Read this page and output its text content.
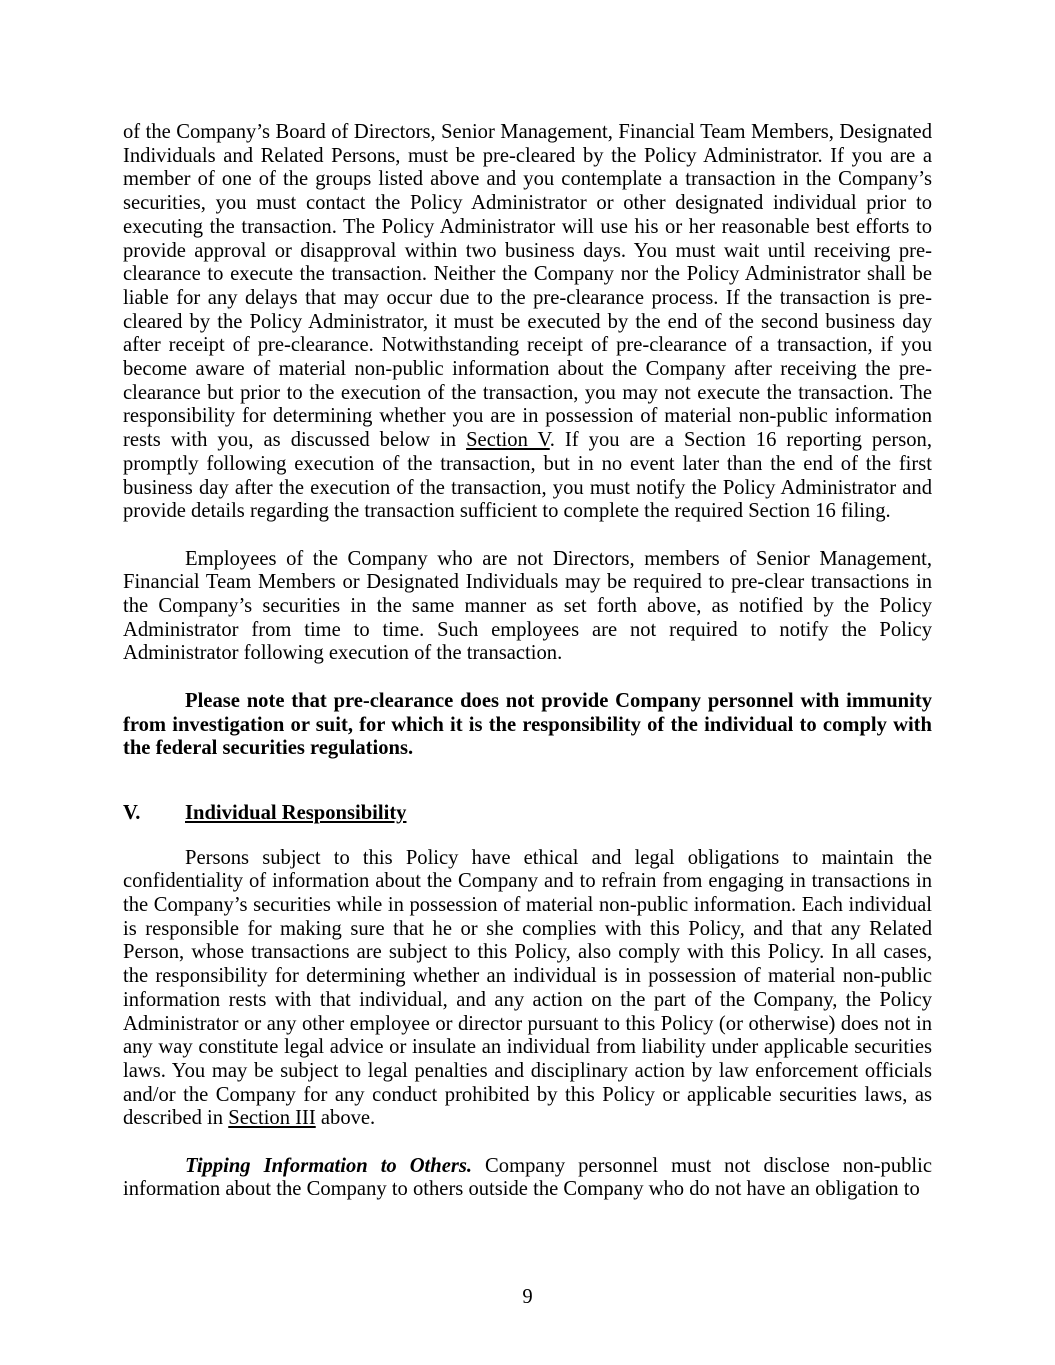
of the Company’s Board of Directors, Senior Management, Financial Team Members, Designated Individuals and Related Persons, must be pre-cleared by the Policy Administrator. If you are a member of one of the groups listed above and you contemplate a transaction in the Company’s securities, you must contact the Policy Administrator or other designated individual prior to executing the transaction. The Policy Administrator will use his or her reasonable best efforts to provide approval or disapproval within two business days. You must wait until receiving pre-clearance to execute the transaction. Neither the Company nor the Policy Administrator shall be liable for any delays that may occur due to the pre-clearance process. If the transaction is pre-cleared by the Policy Administrator, it must be executed by the end of the second business day after receipt of pre-clearance. Notwithstanding receipt of pre-clearance of a transaction, if you become aware of material non-public information about the Company after receiving the pre-clearance but prior to the execution of the transaction, you may not execute the transaction. The responsibility for determining whether you are in possession of material non-public information rests with you, as discussed below in Section V. If you are a Section 16 reporting person, promptly following execution of the transaction, but in no event later than the end of the first business day after the execution of the transaction, you must notify the Policy Administrator and provide details regarding the transaction sufficient to complete the required Section 16 filing.

Employees of the Company who are not Directors, members of Senior Management, Financial Team Members or Designated Individuals may be required to pre-clear transactions in the Company’s securities in the same manner as set forth above, as notified by the Policy Administrator from time to time. Such employees are not required to notify the Policy Administrator following execution of the transaction.

Please note that pre-clearance does not provide Company personnel with immunity from investigation or suit, for which it is the responsibility of the individual to comply with the federal securities regulations.

V. Individual Responsibility

Persons subject to this Policy have ethical and legal obligations to maintain the confidentiality of information about the Company and to refrain from engaging in transactions in the Company’s securities while in possession of material non-public information. Each individual is responsible for making sure that he or she complies with this Policy, and that any Related Person, whose transactions are subject to this Policy, also comply with this Policy. In all cases, the responsibility for determining whether an individual is in possession of material non-public information rests with that individual, and any action on the part of the Company, the Policy Administrator or any other employee or director pursuant to this Policy (or otherwise) does not in any way constitute legal advice or insulate an individual from liability under applicable securities laws. You may be subject to legal penalties and disciplinary action by law enforcement officials and/or the Company for any conduct prohibited by this Policy or applicable securities laws, as described in Section III above.

Tipping Information to Others. Company personnel must not disclose non-public information about the Company to others outside the Company who do not have an obligation to

9
